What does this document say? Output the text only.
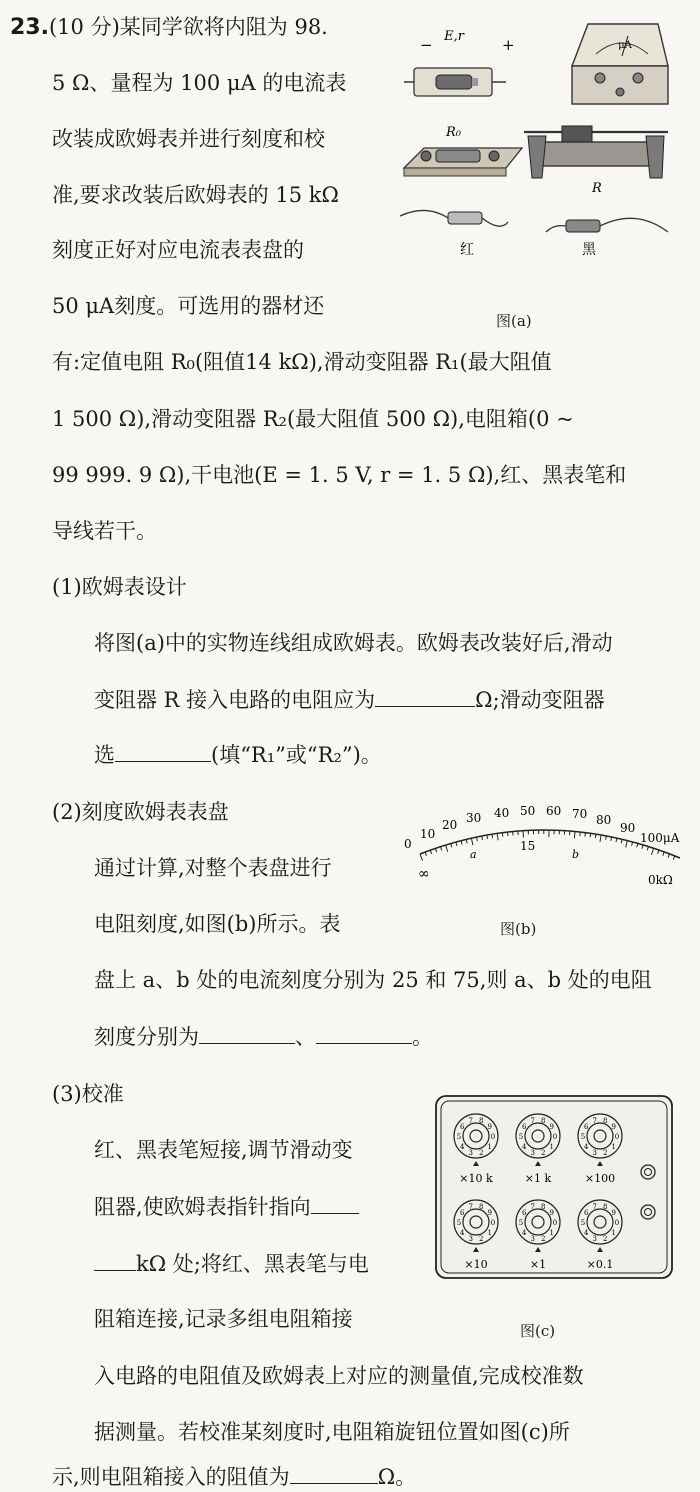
23.(10 分)某同学欲将内阻为 98.
5 Ω、量程为 100 μA 的电流表
改装成欧姆表并进行刻度和校
准,要求改装后欧姆表的 15 kΩ
刻度正好对应电流表表盘的
50 μA刻度。可选用的器材还
E,r
−	+	μA
R₀
R
红	黑
图(a)
有:定值电阻 R₀(阻值14 kΩ),滑动变阻器 R₁(最大阻值
1 500 Ω),滑动变阻器 R₂(最大阻值 500 Ω),电阻箱(0 ~
99 999. 9 Ω),干电池(E = 1. 5 V, r = 1. 5 Ω),红、黑表笔和
导线若干。
(1)欧姆表设计
将图(a)中的实物连线组成欧姆表。欧姆表改装好后,滑动
变阻器 R 接入电路的电阻应为	Ω;滑动变阻器
选	(填“R₁”或“R₂”)。
(2)刻度欧姆表表盘
通过计算,对整个表盘进行
电阻刻度,如图(b)所示。表
0
10
20 30 40 50 60 70 80
90
100μA
15
a	b
∞	0kΩ
图(b)
盘上 a、b 处的电流刻度分别为 25 和 75,则 a、b 处的电阻
刻度分别为	、	。
(3)校准
红、黑表笔短接,调节滑动变
阻器,使欧姆表指针指向
kΩ 处;将红、黑表笔与电
阻箱连接,记录多组电阻箱接
0
1
2
3
4
5
6
7 8
9
0
1
2
3
4
5
6
7 8
9
0
1
2
3
4
5
6
7 8
9
0
1
2
3
4
5
6
7 8
9
0
1
2
3
4
5
6
7 8
9
0
1
2
3
4
5
6
7 8
9
×10 k	×1 k	×100
×10	×1	×0.1
图(c)
入电路的电阻值及欧姆表上对应的测量值,完成校准数
据测量。若校准某刻度时,电阻箱旋钮位置如图(c)所
示,则电阻箱接入的阻值为	Ω。
